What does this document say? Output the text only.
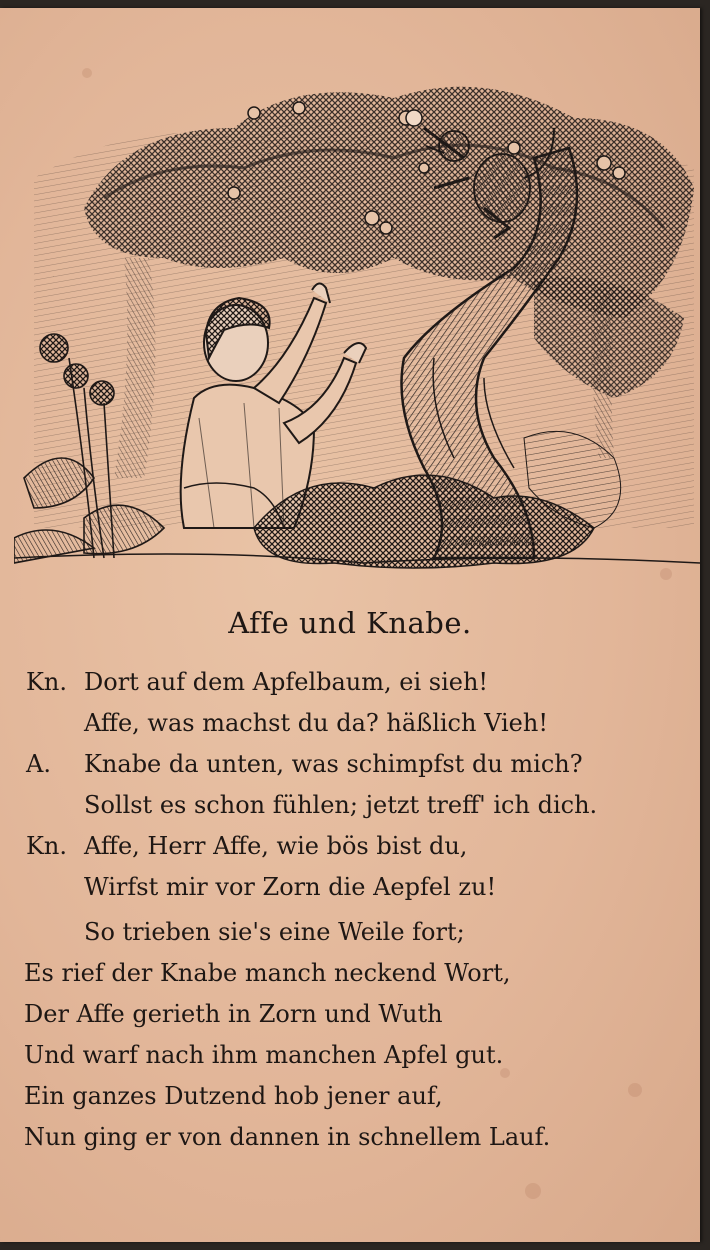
Adolph Mayer fec.
Affe und Knabe.
Kn. Dort auf dem Apfelbaum, ei sieh!
Affe, was machst du da? häßlich Vieh!
A. Knabe da unten, was schimpfst du mich?
Sollst es schon fühlen; jetzt treff' ich dich.
Kn. Affe, Herr Affe, wie bös bist du,
Wirfst mir vor Zorn die Aepfel zu!
So trieben sie's eine Weile fort;
Es rief der Knabe manch neckend Wort,
Der Affe gerieth in Zorn und Wuth
Und warf nach ihm manchen Apfel gut.
Ein ganzes Dutzend hob jener auf,
Nun ging er von dannen in schnellem Lauf.
